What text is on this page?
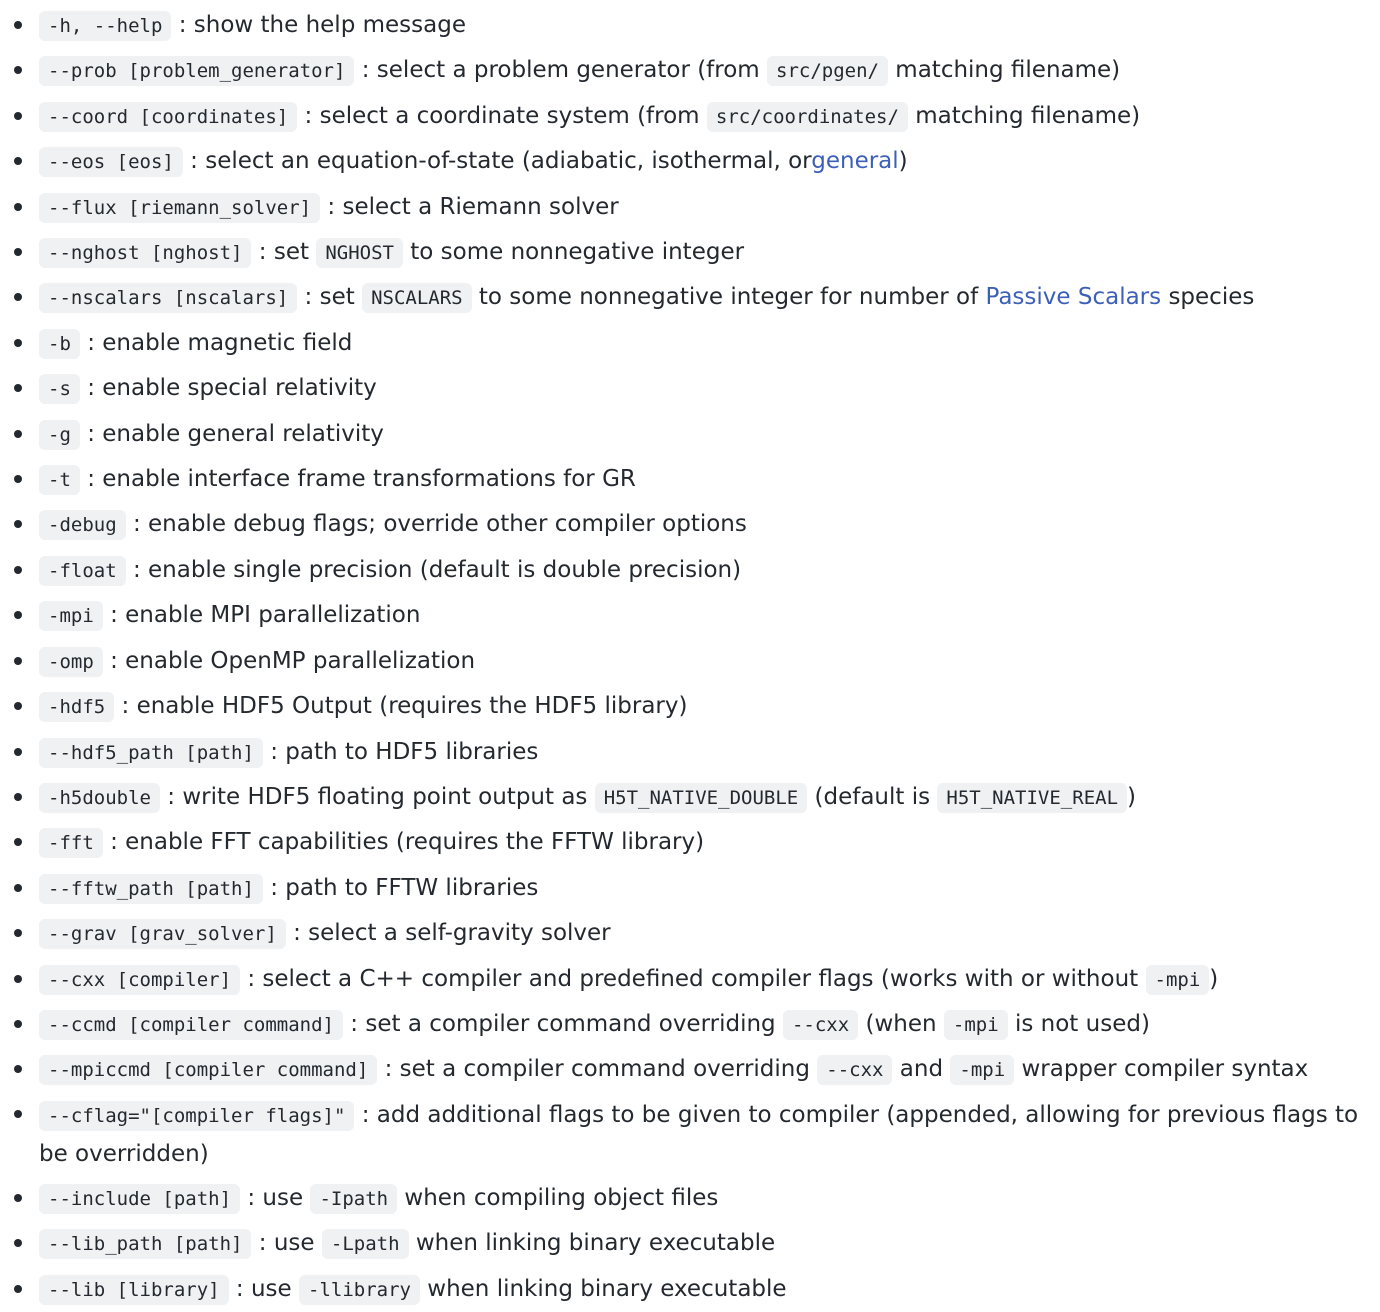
-h, --help : show the help message
--prob [problem_generator] : select a problem generator (from src/pgen/ matching filename)
--coord [coordinates] : select a coordinate system (from src/coordinates/ matching filename)
--eos [eos] : select an equation-of-state (adiabatic, isothermal, orgeneral)
--flux [riemann_solver] : select a Riemann solver
--nghost [nghost] : set NGHOST to some nonnegative integer
--nscalars [nscalars] : set NSCALARS to some nonnegative integer for number of Passive Scalars species
-b : enable magnetic field
-s : enable special relativity
-g : enable general relativity
-t : enable interface frame transformations for GR
-debug : enable debug flags; override other compiler options
-float : enable single precision (default is double precision)
-mpi : enable MPI parallelization
-omp : enable OpenMP parallelization
-hdf5 : enable HDF5 Output (requires the HDF5 library)
--hdf5_path [path] : path to HDF5 libraries
-h5double : write HDF5 floating point output as H5T_NATIVE_DOUBLE (default is H5T_NATIVE_REAL )
-fft : enable FFT capabilities (requires the FFTW library)
--fftw_path [path] : path to FFTW libraries
--grav [grav_solver] : select a self-gravity solver
--cxx [compiler] : select a C++ compiler and predefined compiler flags (works with or without -mpi )
--ccmd [compiler command] : set a compiler command overriding --cxx (when -mpi is not used)
--mpiccmd [compiler command] : set a compiler command overriding --cxx and -mpi wrapper compiler syntax
--cflag="[compiler flags]" : add additional flags to be given to compiler (appended, allowing for previous flags to be overridden)
--include [path] : use -Ipath when compiling object files
--lib_path [path] : use -Lpath when linking binary executable
--lib [library] : use -llibrary when linking binary executable
